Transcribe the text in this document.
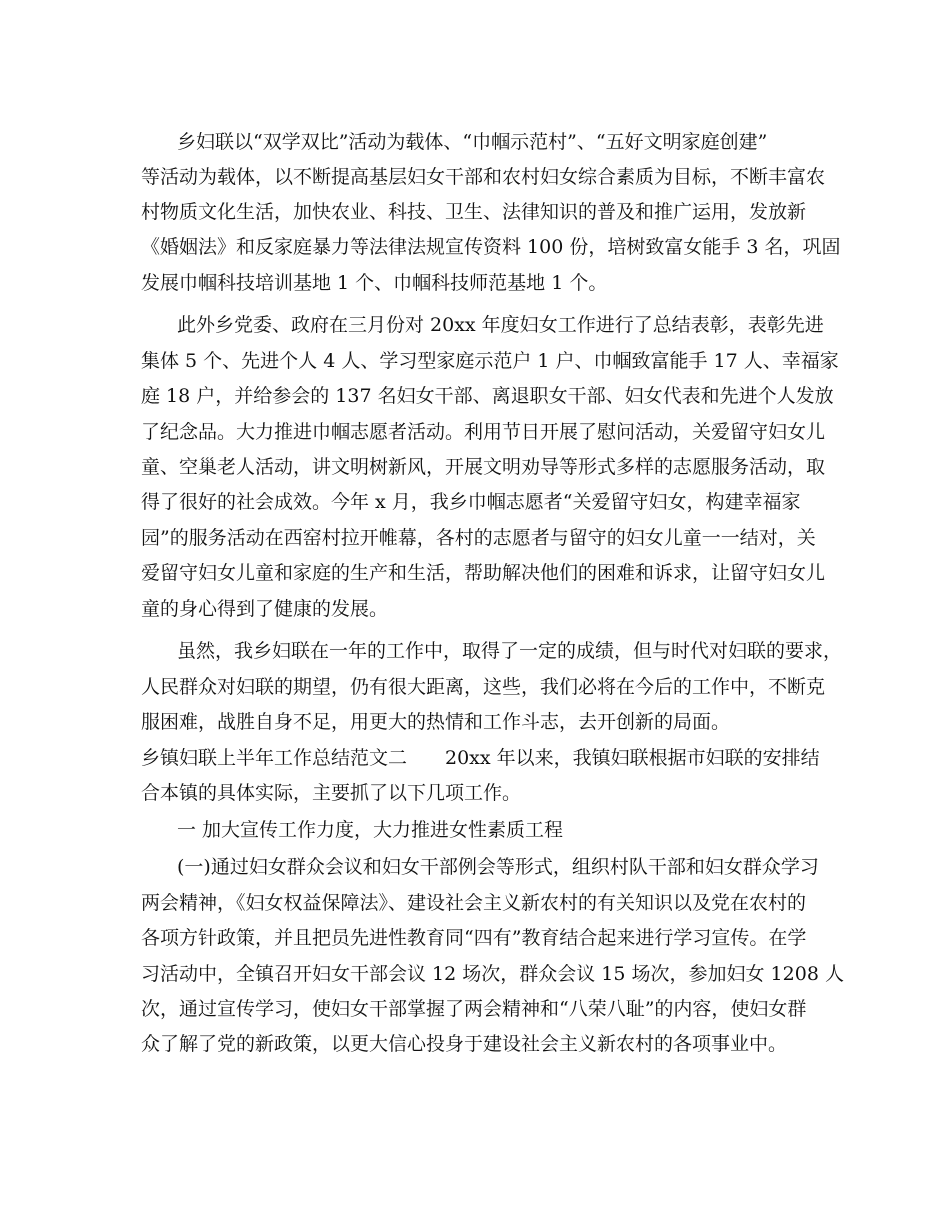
乡妇联以“双学双比”活动为载体、“巾帼示范村”、“五好文明家庭创建”
等活动为载体，以不断提高基层妇女干部和农村妇女综合素质为目标，不断丰富农
村物质文化生活，加快农业、科技、卫生、法律知识的普及和推广运用，发放新
《婚姻法》和反家庭暴力等法律法规宣传资料 100 份，培树致富女能手 3 名，巩固
发展巾帼科技培训基地 1 个、巾帼科技师范基地 1 个。
此外乡党委、政府在三月份对 20xx 年度妇女工作进行了总结表彰，表彰先进
集体 5 个、先进个人 4 人、学习型家庭示范户 1 户、巾帼致富能手 17 人、幸福家
庭 18 户，并给参会的 137 名妇女干部、离退职女干部、妇女代表和先进个人发放
了纪念品。大力推进巾帼志愿者活动。利用节日开展了慰问活动，关爱留守妇女儿
童、空巢老人活动，讲文明树新风，开展文明劝导等形式多样的志愿服务活动，取
得了很好的社会成效。今年 x 月，我乡巾帼志愿者“关爱留守妇女，构建幸福家
园”的服务活动在西窑村拉开帷幕，各村的志愿者与留守的妇女儿童一一结对，关
爱留守妇女儿童和家庭的生产和生活，帮助解决他们的困难和诉求，让留守妇女儿
童的身心得到了健康的发展。
虽然，我乡妇联在一年的工作中，取得了一定的成绩，但与时代对妇联的要求，
人民群众对妇联的期望，仍有很大距离，这些，我们必将在今后的工作中，不断克
服困难，战胜自身不足，用更大的热情和工作斗志，去开创新的局面。
乡镇妇联上半年工作总结范文二　　20xx 年以来，我镇妇联根据市妇联的安排结
合本镇的具体实际，主要抓了以下几项工作。
一 加大宣传工作力度，大力推进女性素质工程
(一)通过妇女群众会议和妇女干部例会等形式，组织村队干部和妇女群众学习
两会精神，《妇女权益保障法》、建设社会主义新农村的有关知识以及党在农村的
各项方针政策，并且把员先进性教育同“四有”教育结合起来进行学习宣传。在学
习活动中，全镇召开妇女干部会议 12 场次，群众会议 15 场次，参加妇女 1208 人
次，通过宣传学习，使妇女干部掌握了两会精神和“八荣八耻”的内容，使妇女群
众了解了党的新政策，以更大信心投身于建设社会主义新农村的各项事业中。
